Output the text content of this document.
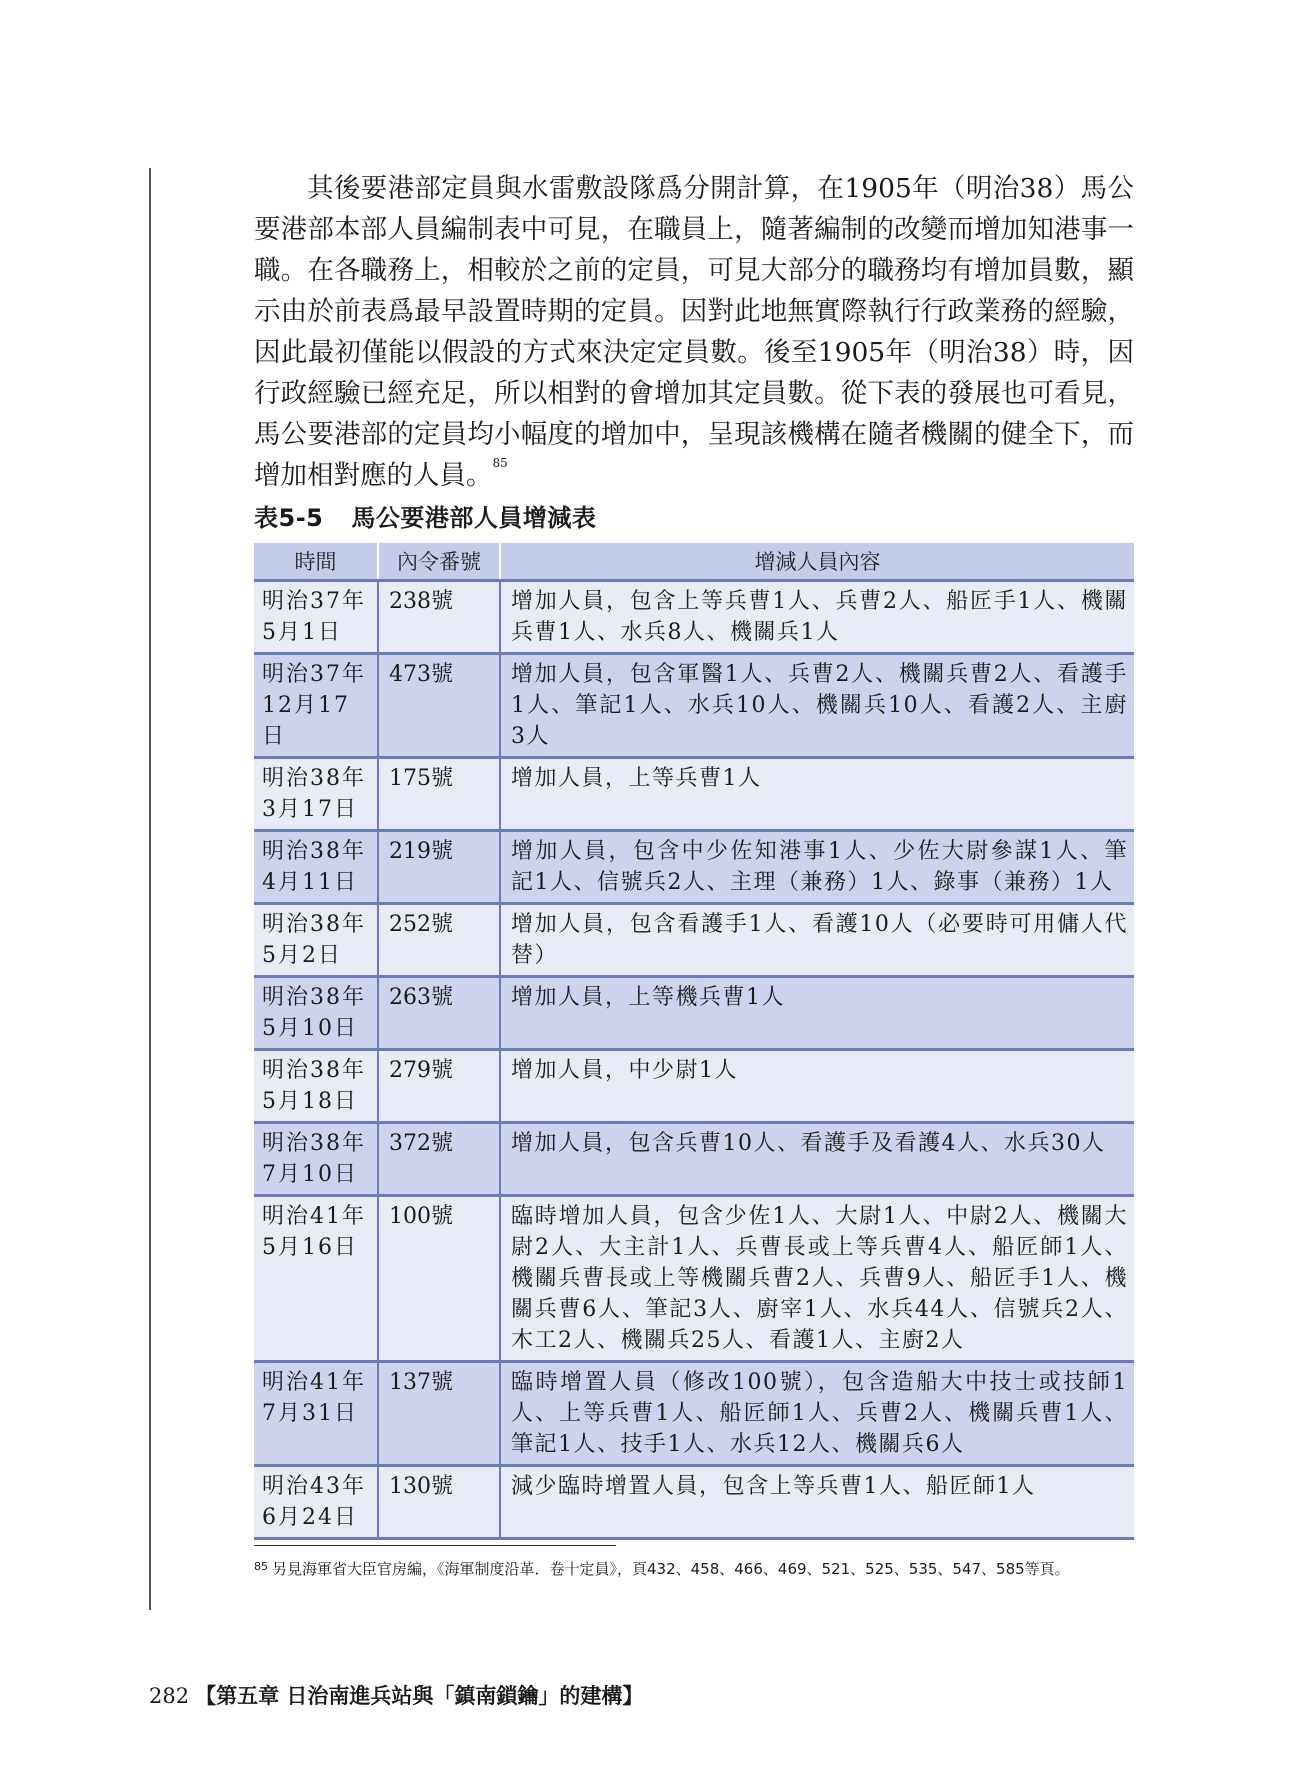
其後要港部定員與水雷敷設隊爲分開計算，在1905年（明治38）馬公要港部本部人員編制表中可見，在職員上，隨著編制的改變而增加知港事一職。在各職務上，相較於之前的定員，可見大部分的職務均有增加員數，顯示由於前表爲最早設置時期的定員。因對此地無實際執行行政業務的經驗，因此最初僅能以假設的方式來決定定員數。後至1905年（明治38）時，因行政經驗已經充足，所以相對的會增加其定員數。從下表的發展也可看見，馬公要港部的定員均小幅度的增加中，呈現該機構在隨者機關的健全下，而增加相對應的人員。$^{85}$

表5-5 馬公要港部人員增減表
時間	內令番號	增減人員內容
明治37年5月1日	238號	增加人員，包含上等兵曹1人、兵曹2人、船匠手1人、機關兵曹1人、水兵8人、機關兵1人
明治37年12月17日	473號	增加人員，包含軍醫1人、兵曹2人、機關兵曹2人、看護手1人、筆記1人、水兵10人、機關兵10人、看護2人、主廚3人
明治38年3月17日	175號	增加人員，上等兵曹1人
明治38年4月11日	219號	增加人員，包含中少佐知港事1人、少佐大尉參謀1人、筆記1人、信號兵2人、主理（兼務）1人、錄事（兼務）1人
明治38年5月2日	252號	增加人員，包含看護手1人、看護10人（必要時可用傭人代替）
明治38年5月10日	263號	增加人員，上等機兵曹1人
明治38年5月18日	279號	增加人員，中少尉1人
明治38年7月10日	372號	增加人員，包含兵曹10人、看護手及看護4人、水兵30人
明治41年5月16日	100號	臨時增加人員，包含少佐1人、大尉1人、中尉2人、機關大尉2人、大主計1人、兵曹長或上等兵曹4人、船匠師1人、機關兵曹長或上等機關兵曹2人、兵曹9人、船匠手1人、機關兵曹6人、筆記3人、廚宰1人、水兵44人、信號兵2人、木工2人、機關兵25人、看護1人、主廚2人
明治41年7月31日	137號	臨時增置人員（修改100號），包含造船大中技士或技師1人、上等兵曹1人、船匠師1人、兵曹2人、機關兵曹1人、筆記1人、技手1人、水兵12人、機關兵6人
明治43年6月24日	130號	減少臨時增置人員，包含上等兵曹1人、船匠師1人

$^{85}$ 另見海軍省大臣官房編，《海軍制度沿革．卷十定員》，頁432、458、466、469、521、525、535、547、585等頁。

282 【第五章 日治南進兵站與「鎮南鎖鑰」的建構】
